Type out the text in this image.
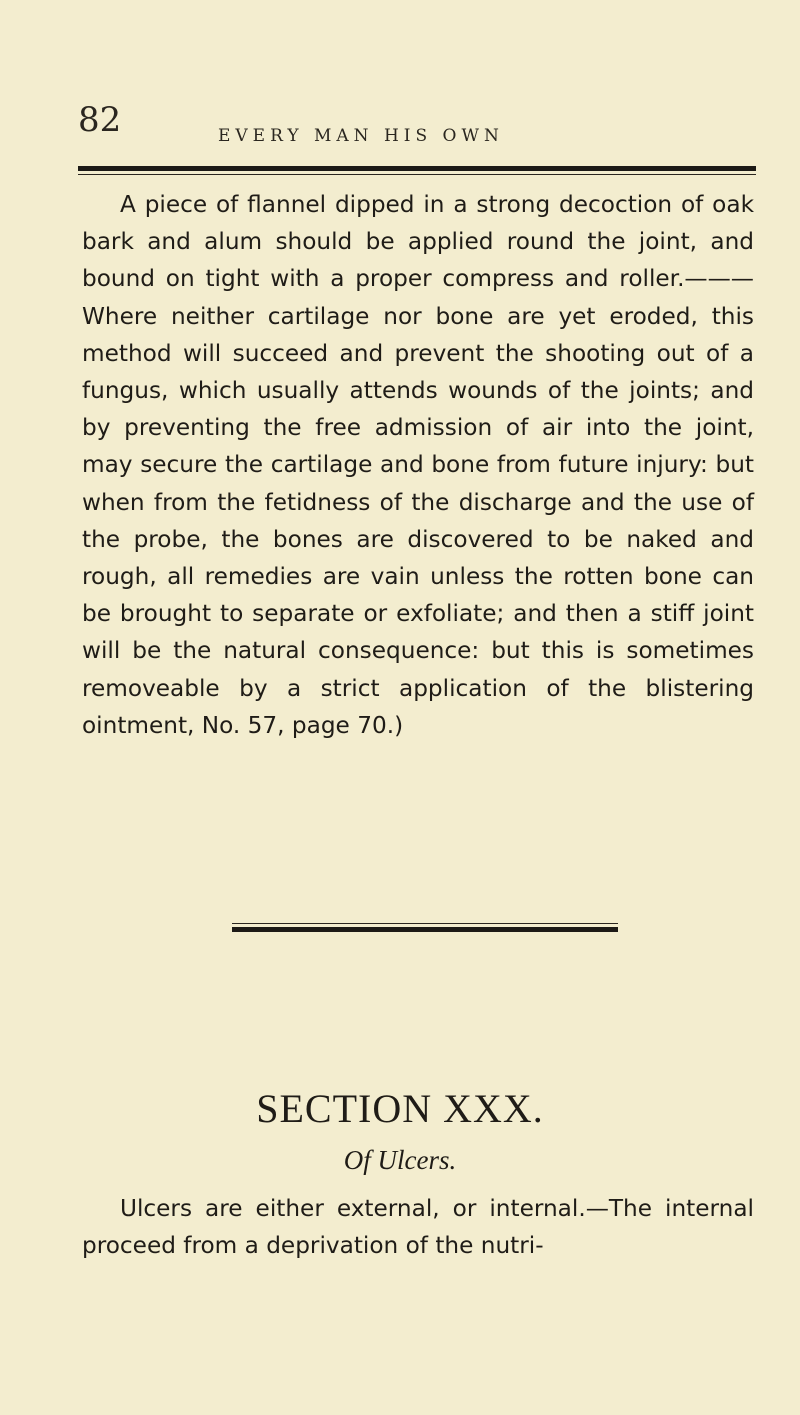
82	EVERY MAN HIS OWN

A piece of flannel dipped in a strong decoction of oak bark and alum should be applied round the joint, and bound on tight with a proper compress and roller.———Where neither cartilage nor bone are yet eroded, this method will succeed and prevent the shooting out of a fungus, which usually attends wounds of the joints; and by preventing the free admission of air into the joint, may secure the cartilage and bone from future injury: but when from the fetidness of the discharge and the use of the probe, the bones are discovered to be naked and rough, all remedies are vain unless the rotten bone can be brought to separate or exfoliate; and then a stiff joint will be the natural consequence: but this is sometimes removeable by a strict application of the blistering ointment, No. 57, page 70.)

SECTION XXX.
Of Ulcers.

Ulcers are either external, or internal.—The internal proceed from a deprivation of the nutri-
